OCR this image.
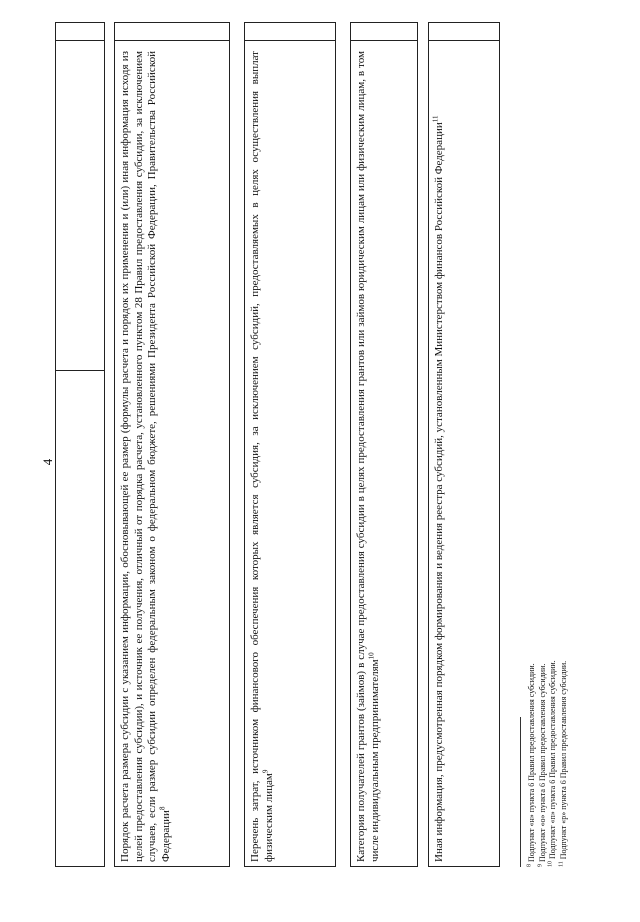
4	Порядок расчета размера субсидии с указанием информации, обосновывающей ее размер (формулы расчета и порядок их применения и (или) иная информация исходя из целей предоставления субсидии), и источник ее получения, отличный от порядка расчета, установленного пунктом 28 Правил предоставления субсидии, за исключением случаев, если размер субсидии определен федеральным законом о федеральном бюджете, решениями Президента Российской Федерации, Правительства Российской Федерации$^8$	Перечень затрат, источником финансового обеспечения которых является субсидия, за исключением субсидий, предоставляемых в целях осуществления выплат физическим лицам$^9$	Категория получателей грантов (займов) в случае предоставления субсидии в целях предоставления грантов или займов юридическим лицам или физическим лицам, в том числе индивидуальным предпринимателям$^{10}$	Иная информация, предусмотренная порядком формирования и ведения реестра субсидий, установленным Министерством финансов Российской Федерации$^{11}$
$^8$ Подпункт «н» пункта 6 Правил предоставления субсидии.
$^9$ Подпункт «о» пункта 6 Правил предоставления субсидии.
$^{10}$ Подпункт «п» пункта 6 Правил предоставления субсидии.
$^{11}$ Подпункт «р» пункта 6 Правил предоставления субсидии.
